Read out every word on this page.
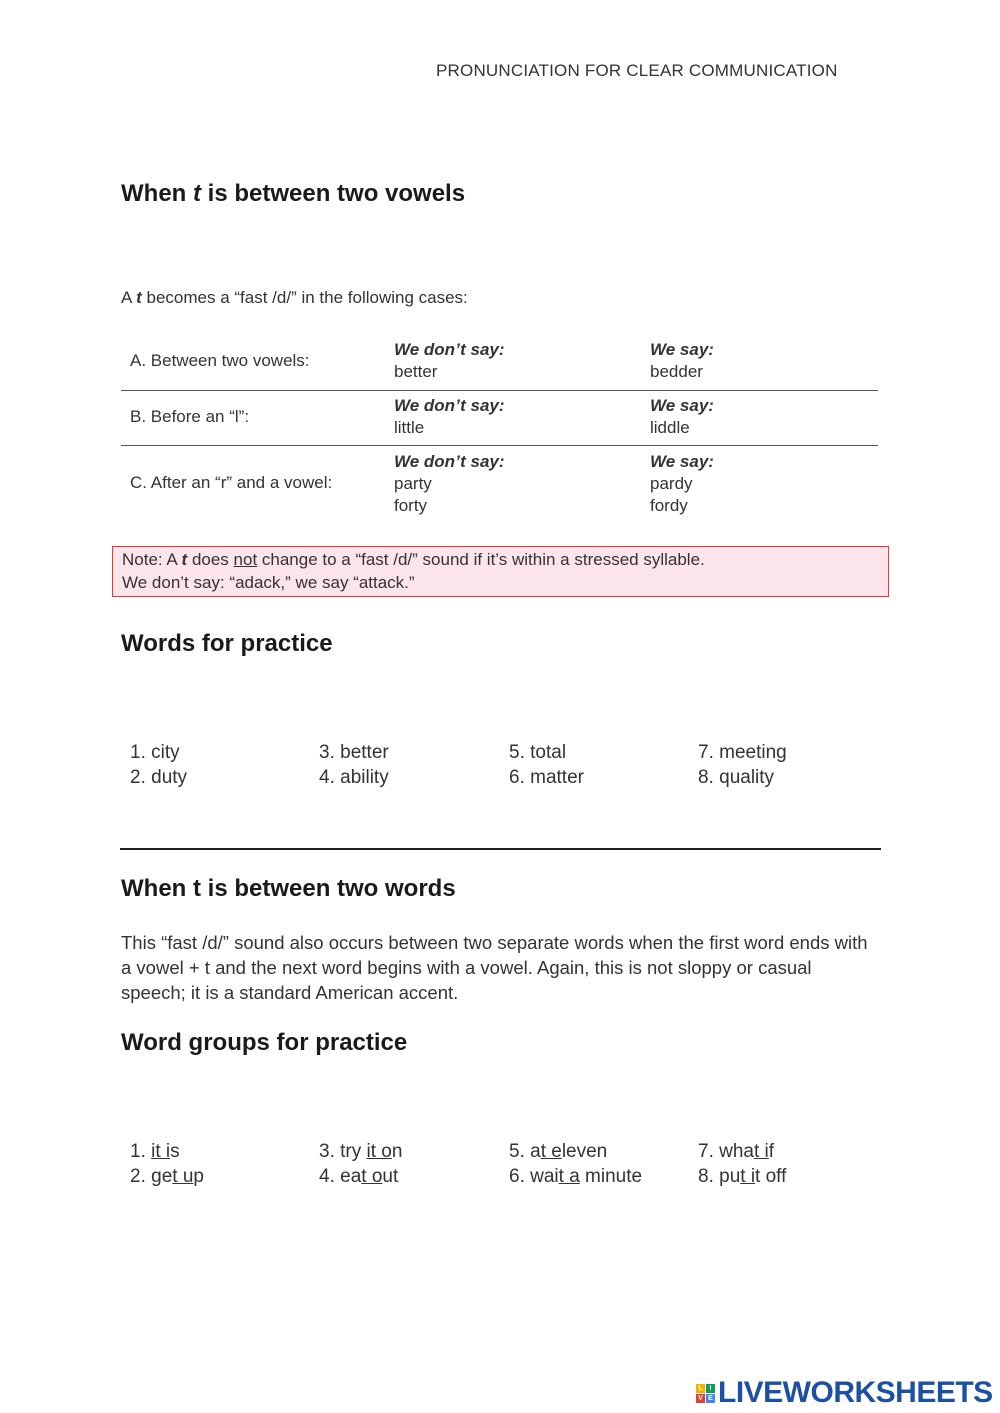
PRONUNCIATION FOR CLEAR COMMUNICATION
When t is between two vowels
A t becomes a “fast /d/” in the following cases:
A. Between two vowels:
We don’t say:
better
We say:
bedder
B. Before an “l”:
We don’t say:
little
We say:
liddle
C. After an “r” and a vowel:
We don’t say:
party
forty
We say:
pardy
fordy
Note: A t does not change to a “fast /d/” sound if it’s within a stressed syllable.
We don’t say: “adack,” we say “attack.”
Words for practice
1. city
2. duty
3. better
4. ability
5. total
6. matter
7. meeting
8. quality
When t is between two words
This “fast /d/” sound also occurs between two separate words when the first word ends with a vowel + t and the next word begins with a vowel. Again, this is not sloppy or casual speech; it is a standard American accent.
Word groups for practice
1. it is
2. get up
3. try it on
4. eat out
5. at eleven
6. wait a minute
7. what if
8. put it off
L I
V E LIVEWORKSHEETS
